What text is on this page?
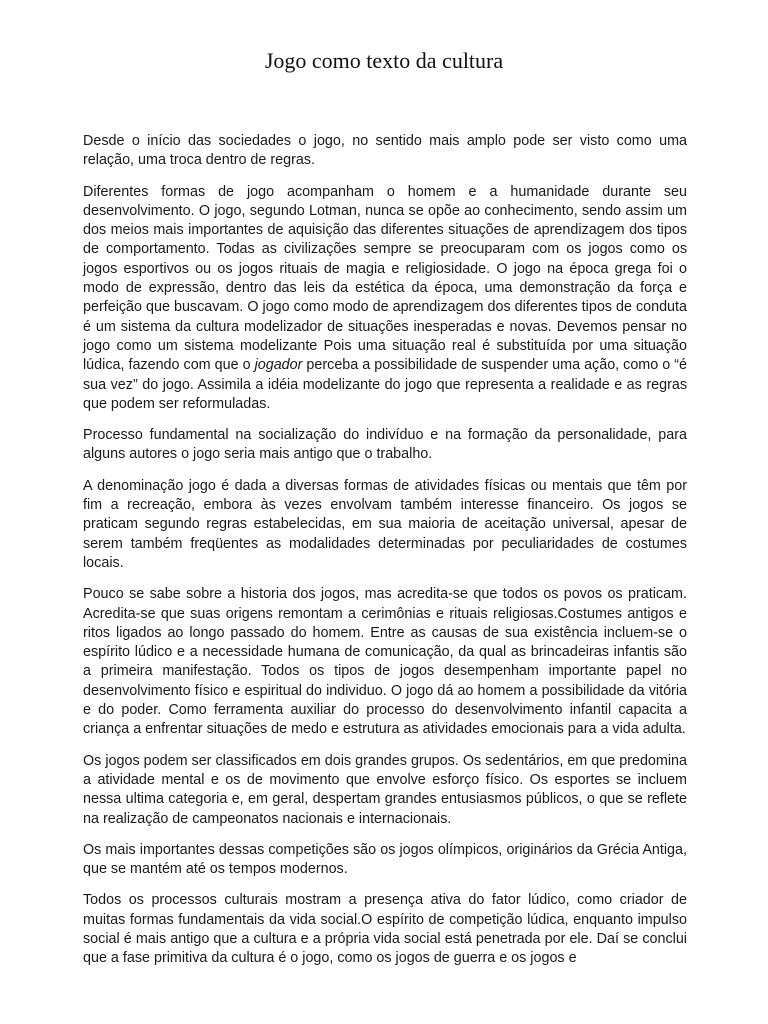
Jogo como texto da cultura

Desde o início das sociedades o jogo, no sentido mais amplo pode ser visto como uma relação, uma troca dentro de regras.

Diferentes formas de jogo acompanham o homem e a humanidade durante seu desenvolvimento. O jogo, segundo Lotman, nunca se opõe ao conhecimento, sendo assim um dos meios mais importantes de aquisição das diferentes situações de aprendizagem dos tipos de comportamento. Todas as civilizações sempre se preocuparam com os jogos como os jogos esportivos ou os jogos rituais de magia e religiosidade. O jogo na época grega foi o modo de expressão, dentro das leis da estética da época, uma demonstração da força e perfeição que buscavam. O jogo como modo de aprendizagem dos diferentes tipos de conduta é um sistema da cultura modelizador de situações inesperadas e novas. Devemos pensar no jogo como um sistema modelizante Pois uma situação real é substituída por uma situação lúdica, fazendo com que o jogador perceba a possibilidade de suspender uma ação, como o “é sua vez” do jogo. Assimila a idéia modelizante do jogo que representa a realidade e as regras que podem ser reformuladas.

Processo fundamental na socialização do indivíduo e na formação da personalidade, para alguns autores o jogo seria mais antigo que o trabalho.

A denominação jogo é dada a diversas formas de atividades físicas ou mentais que têm por fim a recreação, embora às vezes envolvam também interesse financeiro. Os jogos se praticam segundo regras estabelecidas, em sua maioria de aceitação universal, apesar de serem também freqüentes as modalidades determinadas por peculiaridades de costumes locais.

Pouco se sabe sobre a historia dos jogos, mas acredita-se que todos os povos os praticam. Acredita-se que suas origens remontam a cerimônias e rituais religiosas.Costumes antigos e ritos ligados ao longo passado do homem. Entre as causas de sua existência incluem-se o espírito lúdico e a necessidade humana de comunicação, da qual as brincadeiras infantis são a primeira manifestação. Todos os tipos de jogos desempenham importante papel no desenvolvimento físico e espiritual do individuo. O jogo dá ao homem a possibilidade da vitória e do poder. Como ferramenta auxiliar do processo do desenvolvimento infantil capacita a criança a enfrentar situações de medo e estrutura as atividades emocionais para a vida adulta.

Os jogos podem ser classificados em dois grandes grupos. Os sedentários, em que predomina a atividade mental e os de movimento que envolve esforço físico. Os esportes se incluem nessa ultima categoria e, em geral, despertam grandes entusiasmos públicos, o que se reflete na realização de campeonatos nacionais e internacionais.

Os mais importantes dessas competições são os jogos olímpicos, originários da Grécia Antiga, que se mantém até os tempos modernos.

Todos os processos culturais mostram a presença ativa do fator lúdico, como criador de muitas formas fundamentais da vida social.O espírito de competição lúdica, enquanto impulso social é mais antigo que a cultura e a própria vida social está penetrada por ele. Daí se conclui que a fase primitiva da cultura é o jogo, como os jogos de guerra e os jogos e
